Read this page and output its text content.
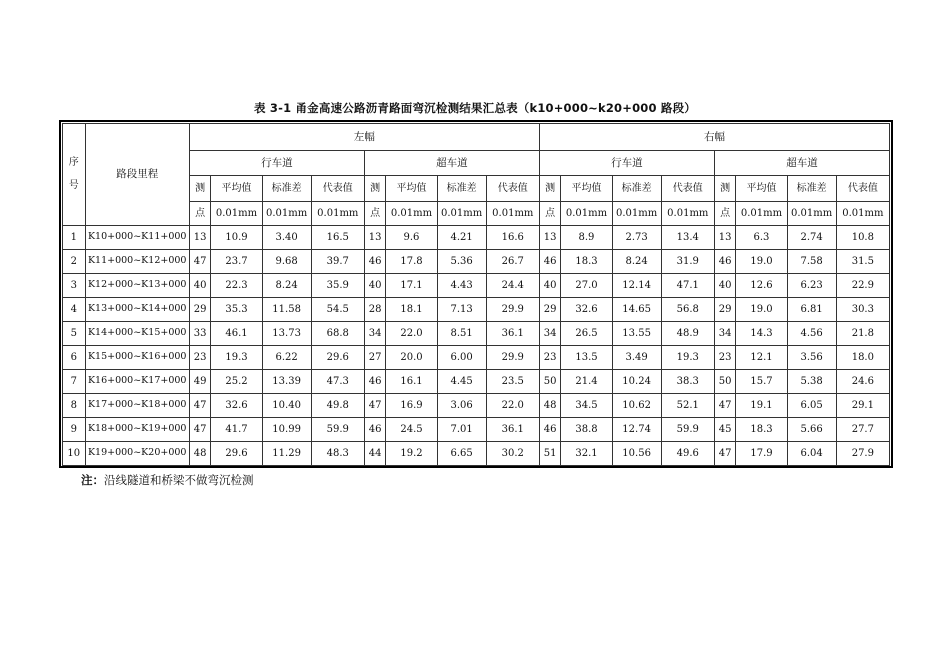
表 3-1 甬金高速公路沥青路面弯沉检测结果汇总表（k10+000~k20+000 路段）
序

号	路段里程	左幅								右幅							
		行车道				超车道				行车道				超车道			
		测	平均值	标准差	代表值	测	平均值	标准差	代表值	测	平均值	标准差	代表值	测	平均值	标准差	代表值
		点	0.01mm	0.01mm	0.01mm	点	0.01mm	0.01mm	0.01mm	点	0.01mm	0.01mm	0.01mm	点	0.01mm	0.01mm	0.01mm
1	K10+000~K11+000	13	10.9	3.40	16.5	13	9.6	4.21	16.6	13	8.9	2.73	13.4	13	6.3	2.74	10.8
2	K11+000~K12+000	47	23.7	9.68	39.7	46	17.8	5.36	26.7	46	18.3	8.24	31.9	46	19.0	7.58	31.5
3	K12+000~K13+000	40	22.3	8.24	35.9	40	17.1	4.43	24.4	40	27.0	12.14	47.1	40	12.6	6.23	22.9
4	K13+000~K14+000	29	35.3	11.58	54.5	28	18.1	7.13	29.9	29	32.6	14.65	56.8	29	19.0	6.81	30.3
5	K14+000~K15+000	33	46.1	13.73	68.8	34	22.0	8.51	36.1	34	26.5	13.55	48.9	34	14.3	4.56	21.8
6	K15+000~K16+000	23	19.3	6.22	29.6	27	20.0	6.00	29.9	23	13.5	3.49	19.3	23	12.1	3.56	18.0
7	K16+000~K17+000	49	25.2	13.39	47.3	46	16.1	4.45	23.5	50	21.4	10.24	38.3	50	15.7	5.38	24.6
8	K17+000~K18+000	47	32.6	10.40	49.8	47	16.9	3.06	22.0	48	34.5	10.62	52.1	47	19.1	6.05	29.1
9	K18+000~K19+000	47	41.7	10.99	59.9	46	24.5	7.01	36.1	46	38.8	12.74	59.9	45	18.3	5.66	27.7
10	K19+000~K20+000	48	29.6	11.29	48.3	44	19.2	6.65	30.2	51	32.1	10.56	49.6	47	17.9	6.04	27.9
注：沿线隧道和桥梁不做弯沉检测
